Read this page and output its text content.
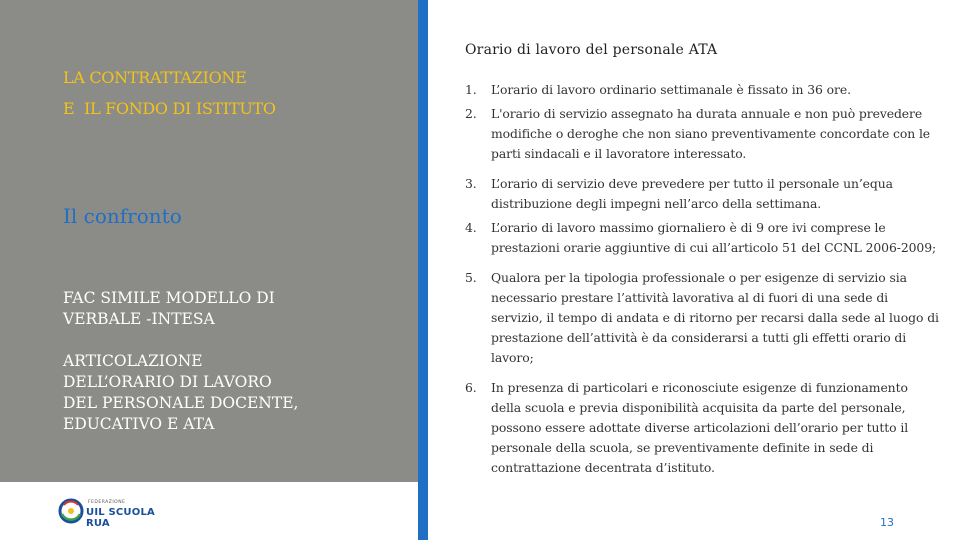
LA CONTRATTAZIONE
E  IL FONDO DI ISTITUTO
Il confronto
FAC SIMILE MODELLO DI
VERBALE -INTESA
ARTICOLAZIONE
DELL’ORARIO DI LAVORO
DEL PERSONALE DOCENTE,
EDUCATIVO E ATA
FEDERAZIONE
UIL SCUOLA RUA
Orario di lavoro del personale ATA
1. L’orario di lavoro ordinario settimanale è fissato in 36 ore.
2. L'orario di servizio assegnato ha durata annuale e non può prevedere modifiche o deroghe che non siano preventivamente concordate con le parti sindacali e il lavoratore interessato.
3. L’orario di servizio deve prevedere per tutto il personale un’equa distribuzione degli impegni nell’arco della settimana.
4. L’orario di lavoro massimo giornaliero è di 9 ore ivi comprese le prestazioni orarie aggiuntive di cui all’articolo 51 del CCNL 2006-2009;
5. Qualora per la tipologia professionale o per esigenze di servizio sia necessario prestare l’attività lavorativa al di fuori di una sede di servizio, il tempo di andata e di ritorno per recarsi dalla sede al luogo di prestazione dell’attività è da considerarsi a tutti gli effetti orario di lavoro;
6. In presenza di particolari e riconosciute esigenze di funzionamento della scuola e previa disponibilità acquisita da parte del personale, possono essere adottate diverse articolazioni dell’orario per tutto il personale della scuola, se preventivamente definite in sede di contrattazione decentrata d’istituto.
13
